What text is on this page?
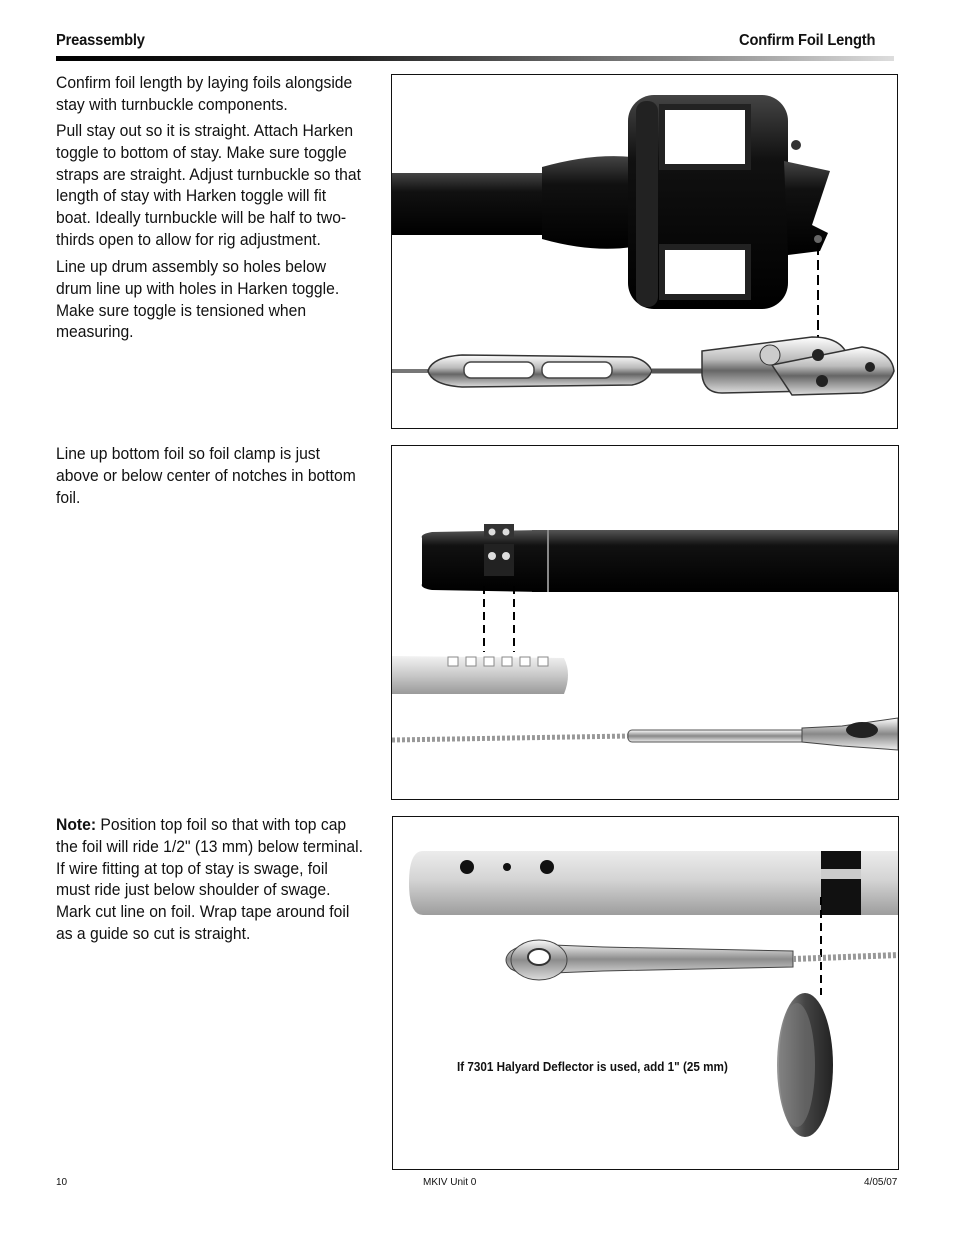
Preassembly	Confirm Foil Length

Confirm foil length by laying foils alongside stay with turnbuckle components.

Pull stay out so it is straight. Attach Harken toggle to bottom of stay. Make sure toggle straps are straight. Adjust turnbuckle so that length of stay with Harken toggle will fit boat. Ideally turnbuckle will be half to two-thirds open to allow for rig adjustment.

Line up drum assembly so holes below drum line up with holes in Harken toggle. Make sure toggle is tensioned when measuring.

Line up bottom foil so foil clamp is just above or below center of notches in bottom foil.

Note: Position top foil so that with top cap the foil will ride 1/2" (13 mm) below terminal. If wire fitting at top of stay is swage, foil must ride just below shoulder of swage. Mark cut line on foil. Wrap tape around foil as a guide so cut is straight.

If 7301 Halyard Deflector is used, add 1" (25 mm)
10	MKIV Unit 0	4/05/07
